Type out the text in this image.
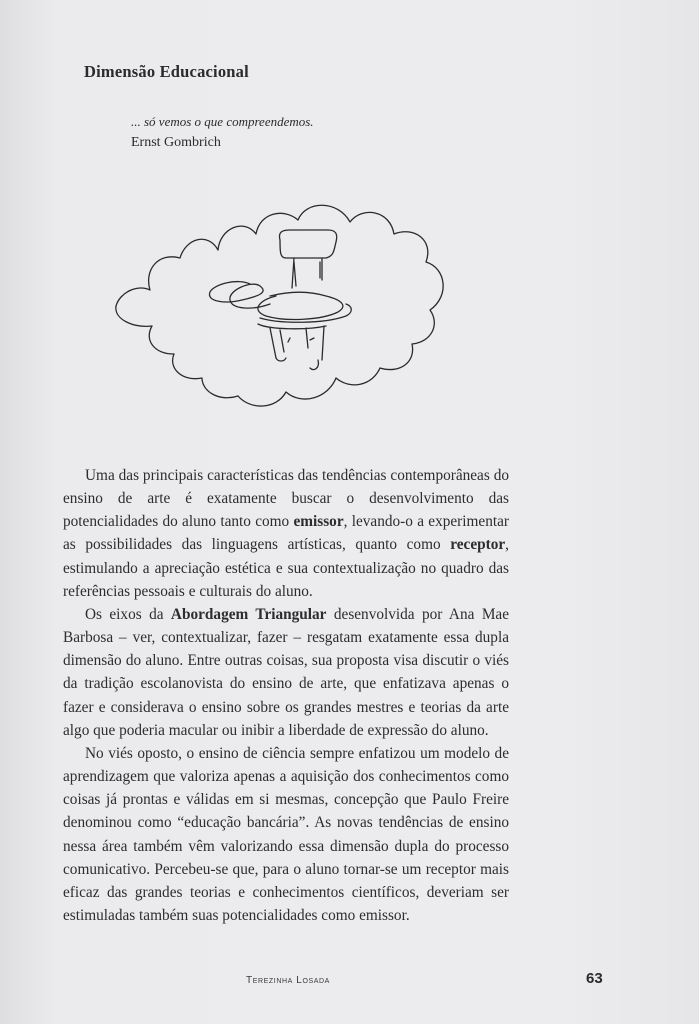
Dimensão Educacional
... só vemos o que compreendemos.
Ernst Gombrich

Uma das principais características das tendências contemporâneas do ensino de arte é exatamente buscar o desenvolvimento das potencialidades do aluno tanto como emissor, levando-o a experimentar as possibilidades das linguagens artísticas, quanto como receptor, estimulando a apreciação estética e sua contextualização no quadro das referências pessoais e culturais do aluno.

Os eixos da Abordagem Triangular desenvolvida por Ana Mae Barbosa – ver, contextualizar, fazer – resgatam exatamente essa dupla dimensão do aluno. Entre outras coisas, sua proposta visa discutir o viés da tradição escolanovista do ensino de arte, que enfatizava apenas o fazer e considerava o ensino sobre os grandes mestres e teorias da arte algo que poderia macular ou inibir a liberdade de expressão do aluno.

No viés oposto, o ensino de ciência sempre enfatizou um modelo de aprendizagem que valoriza apenas a aquisição dos conhecimentos como coisas já prontas e válidas em si mesmas, concepção que Paulo Freire denominou como “educação bancária”. As novas tendências de ensino nessa área também vêm valorizando essa dimensão dupla do processo comunicativo. Percebeu-se que, para o aluno tornar-se um receptor mais eficaz das grandes teorias e conhecimentos científicos, deveriam ser estimuladas também suas potencialidades como emissor.

Terezinha Losada	63
